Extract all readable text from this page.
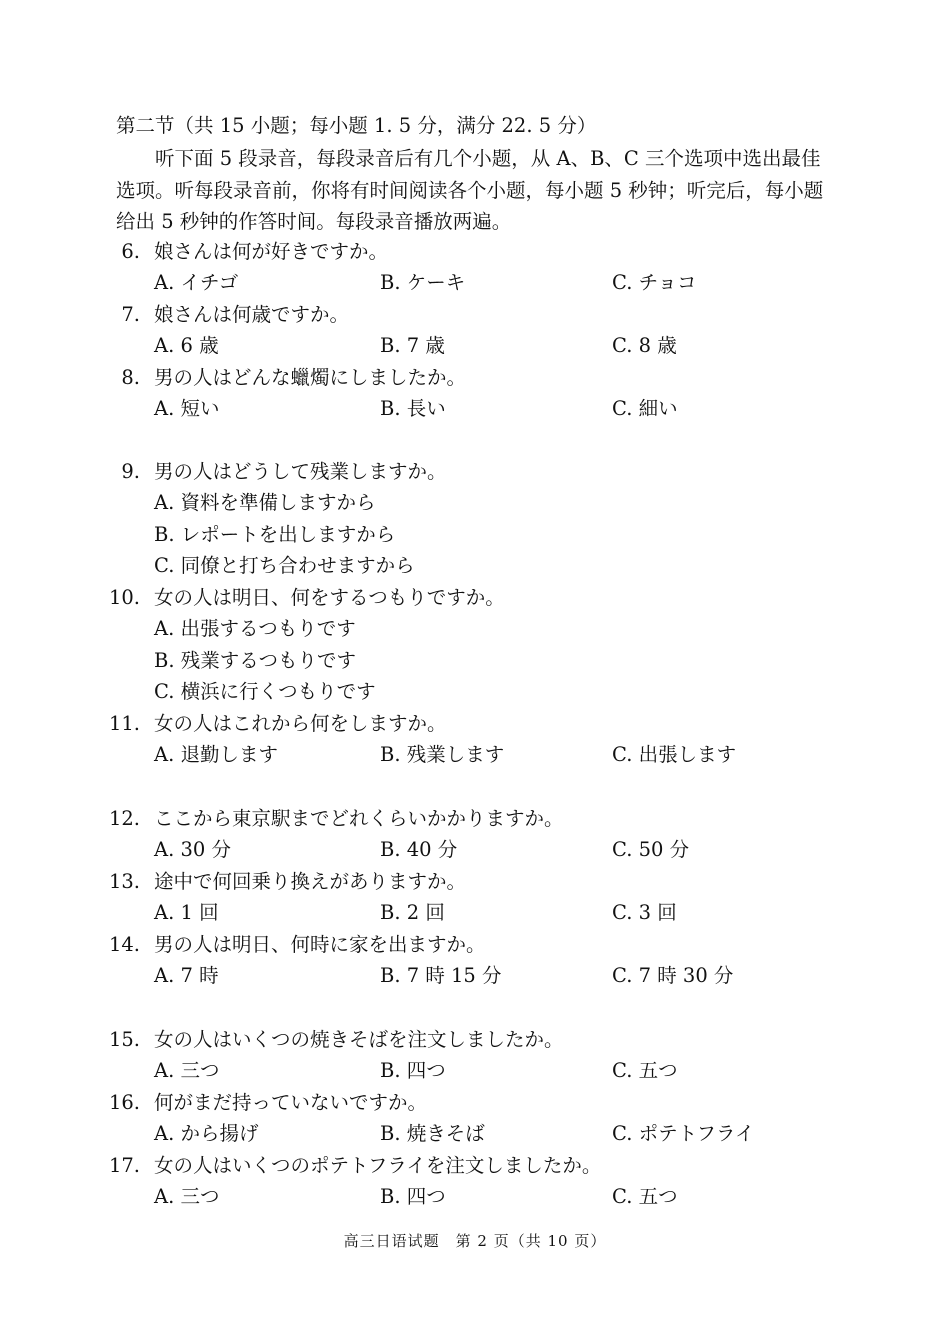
第二节（共 15 小题；每小题 1. 5 分，满分 22. 5 分）
　　听下面 5 段录音，每段录音后有几个小题，从 A、B、C 三个选项中选出最佳选项。听每段录音前，你将有时间阅读各个小题，每小题 5 秒钟；听完后，每小题给出 5 秒钟的作答时间。每段录音播放两遍。
6. 娘さんは何が好きですか。
A. イチゴ	B. ケーキ	C. チョコ
7. 娘さんは何歳ですか。
A. 6 歳	B. 7 歳	C. 8 歳
8. 男の人はどんな蠟燭にしましたか。
A. 短い	B. 長い	C. 細い
9. 男の人はどうして残業しますか。
A. 資料を準備しますから
B. レポートを出しますから
C. 同僚と打ち合わせますから
10. 女の人は明日、何をするつもりですか。
A. 出張するつもりです
B. 残業するつもりです
C. 横浜に行くつもりです
11. 女の人はこれから何をしますか。
A. 退勤します	B. 残業します	C. 出張します
12. ここから東京駅までどれくらいかかりますか。
A. 30 分	B. 40 分	C. 50 分
13. 途中で何回乗り換えがありますか。
A. 1 回	B. 2 回	C. 3 回
14. 男の人は明日、何時に家を出ますか。
A. 7 時	B. 7 時 15 分	C. 7 時 30 分
15. 女の人はいくつの焼きそばを注文しましたか。
A. 三つ	B. 四つ	C. 五つ
16. 何がまだ持っていないですか。
A. から揚げ	B. 焼きそば	C. ポテトフライ
17. 女の人はいくつのポテトフライを注文しましたか。
A. 三つ	B. 四つ	C. 五つ
高三日语试题　第 2 页（共 10 页）
